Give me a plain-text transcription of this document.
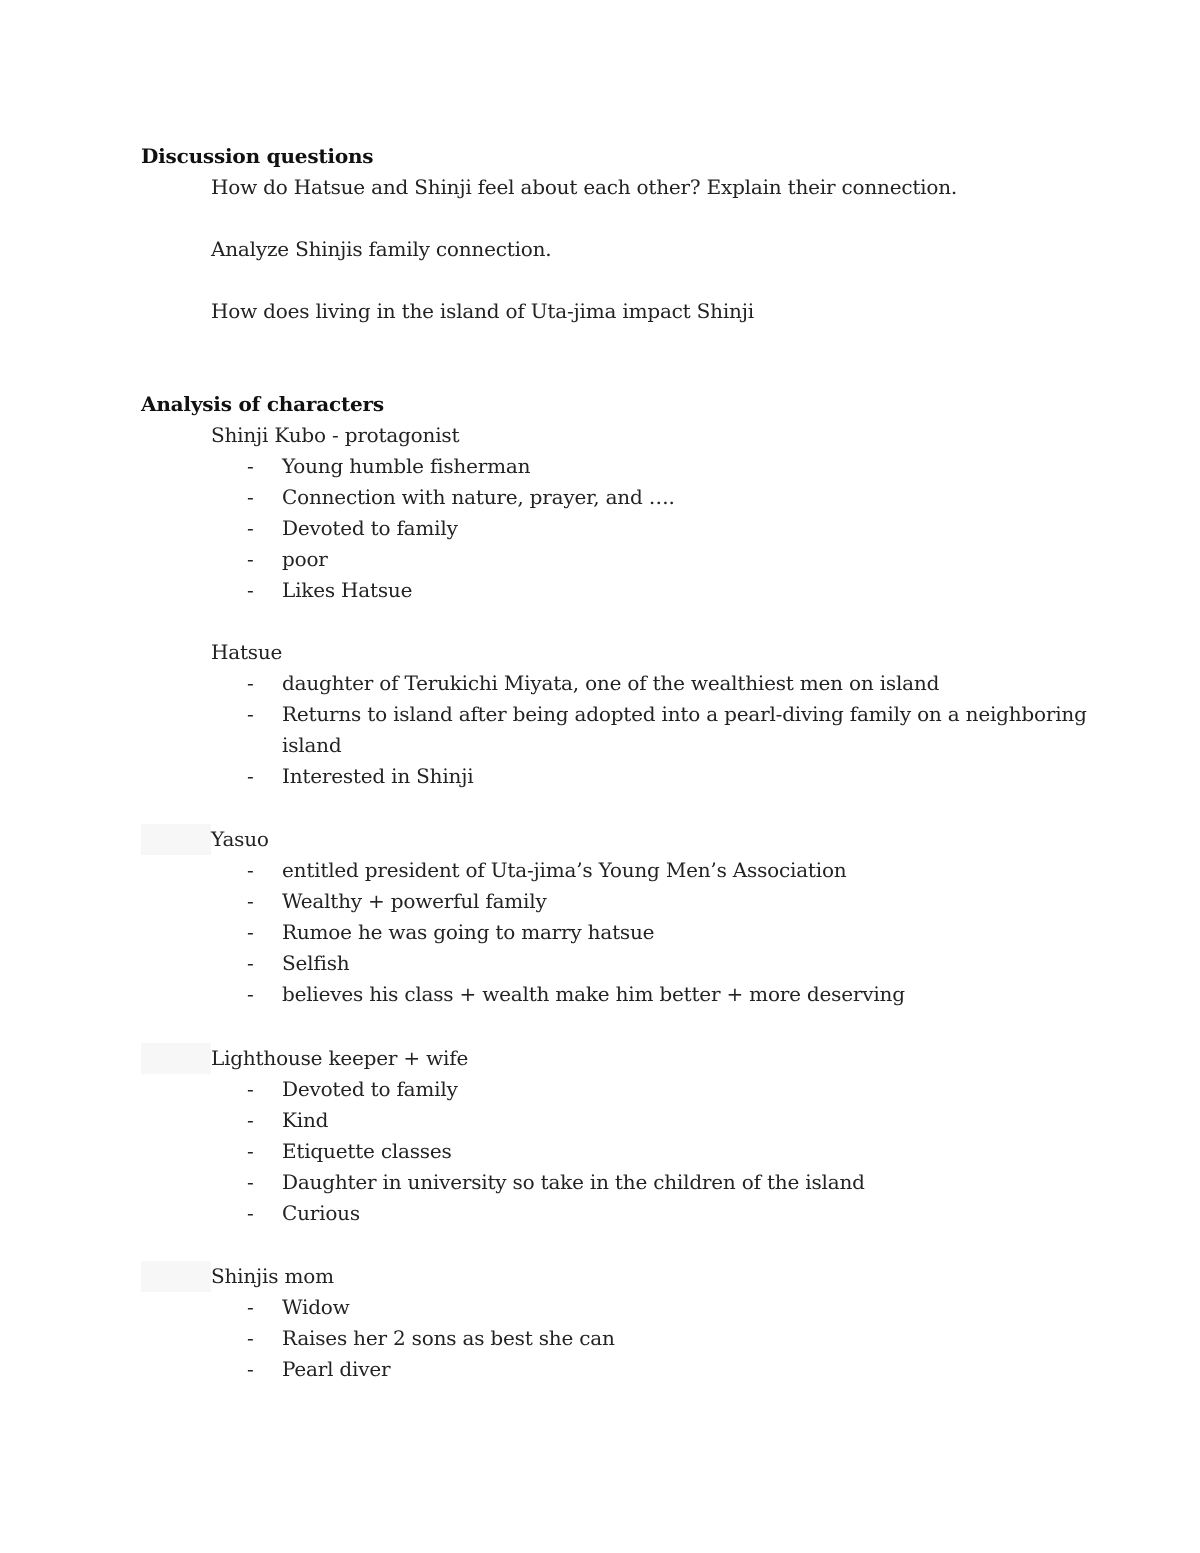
Discussion questions
How do Hatsue and Shinji feel about each other? Explain their connection.
Analyze Shinjis family connection.
How does living in the island of Uta-jima impact Shinji
Analysis of characters
Shinji Kubo - protagonist
- Young humble fisherman
- Connection with nature, prayer, and ….
- Devoted to family
- poor
- Likes Hatsue
Hatsue
- daughter of Terukichi Miyata, one of the wealthiest men on island
- Returns to island after being adopted into a pearl-diving family on a neighboring
island
- Interested in Shinji
Yasuo
- entitled president of Uta-jima’s Young Men’s Association
- Wealthy + powerful family
- Rumoe he was going to marry hatsue
- Selfish
- believes his class + wealth make him better + more deserving
Lighthouse keeper + wife
- Devoted to family
- Kind
- Etiquette classes
- Daughter in university so take in the children of the island
- Curious
Shinjis mom
- Widow
- Raises her 2 sons as best she can
- Pearl diver
